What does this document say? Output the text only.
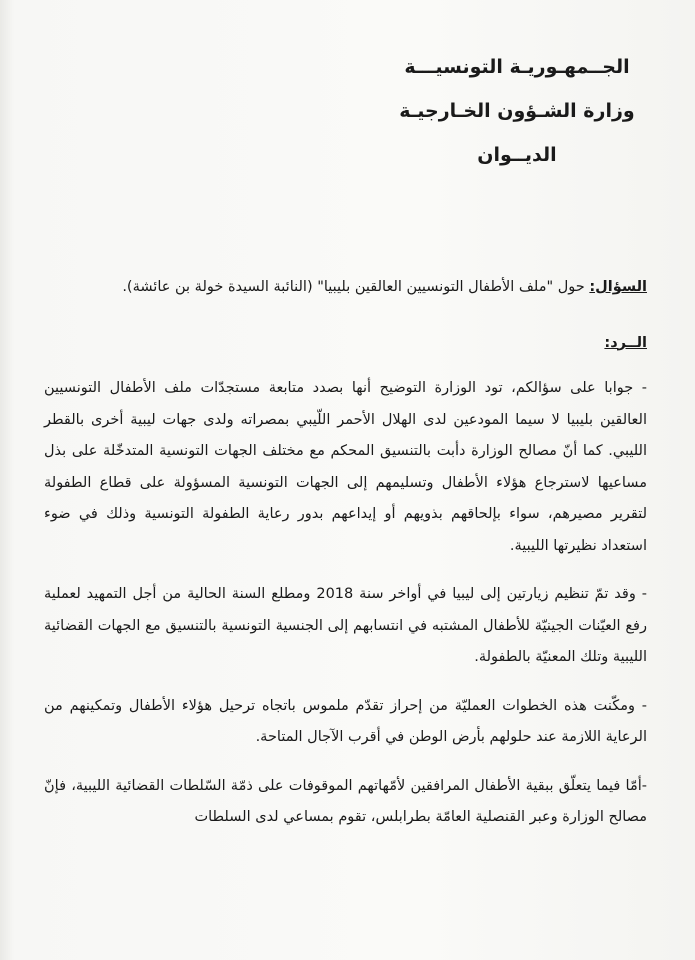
الجــمهـوريـة التونسيـــة
وزارة الشـؤون الخـارجيـة
الديــوان

السؤال: حول "ملف الأطفال التونسيين العالقين بليبيا" (النائبة السيدة خولة بن عائشة).

الــرد:

- جوابا على سؤالكم، تود الوزارة التوضيح أنها بصدد متابعة مستجدّات ملف الأطفال التونسيين العالقين بليبيا لا سيما المودعين لدى الهلال الأحمر اللّيبي بمصراته ولدى جهات ليبية أخرى بالقطر الليبي. كما أنّ مصالح الوزارة دأبت بالتنسيق المحكم مع مختلف الجهات التونسية المتدخّلة على بذل مساعيها لاسترجاع هؤلاء الأطفال وتسليمهم إلى الجهات التونسية المسؤولة على قطاع الطفولة لتقرير مصيرهم، سواء بإلحاقهم بذويهم أو إيداعهم بدور رعاية الطفولة التونسية وذلك في ضوء استعداد نظيرتها الليبية.

- وقد تمّ تنظيم زيارتين إلى ليبيا في أواخر سنة 2018 ومطلع السنة الحالية من أجل التمهيد لعملية رفع العيّنات الجينيّة للأطفال المشتبه في انتسابهم إلى الجنسية التونسية بالتنسيق مع الجهات القضائية الليبية وتلك المعنيّة بالطفولة.

- ومكّنت هذه الخطوات العمليّة من إحراز تقدّم ملموس باتجاه ترحيل هؤلاء الأطفال وتمكينهم من الرعاية اللازمة عند حلولهم بأرض الوطن في أقرب الآجال المتاحة.

-أمّا فيما يتعلّق ببقية الأطفال المرافقين لأمّهاتهم الموقوفات على ذمّة السّلطات القضائية الليبية، فإنّ مصالح الوزارة وعبر القنصلية العامّة بطرابلس، تقوم بمساعي لدى السلطات
